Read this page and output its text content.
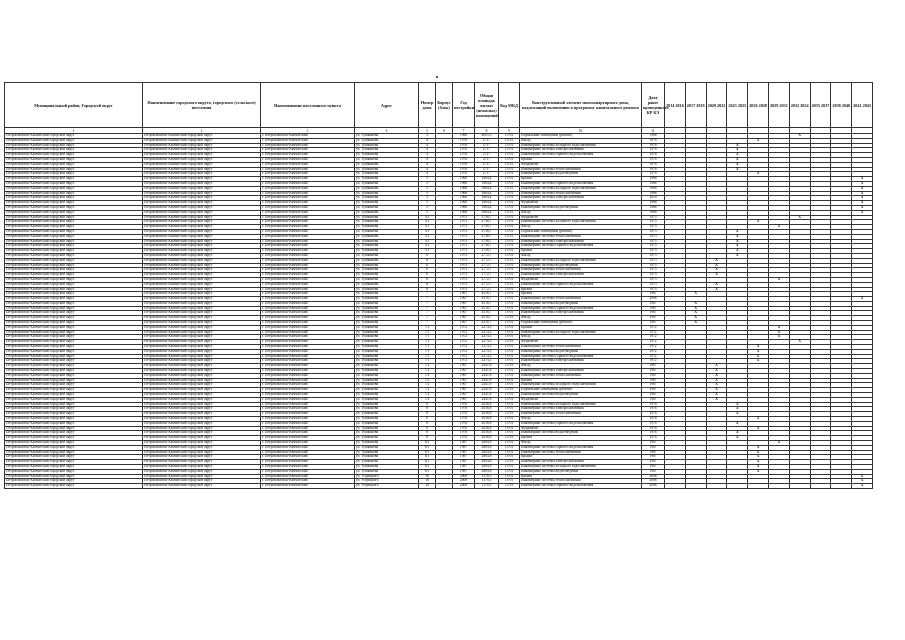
Муниципальный район, Городской округ	Наименование городского округа, городского (сельского) поселения	Наименование населенного пункта	Адрес	Номер дома	Корпус (блок)	Год постройки	Общая площадь жилых (нежилых) помещений	Код МКД	Конструктивный элемент многоквартирного дома, подлежащий включению в программу капитального ремонта	Дата ранее проведенного КР КЭ	2014 2016	2017 2019	2020 2022	2023 2025	2026 2028	2029 2031	2032 2034	2035 2037	2038 2040	2041 2043
1	2	3	4	5	6	7	8	9	10	11										
Петропавловск-Камчатский городской округ	Петропавловск-Камчатский городской округ	г. Петропавловск-Камчатский	ул. Тушканова	3		1966	4005,3	13-01	Подвальные помещения (ремонт)	1966							X			
Петропавловск-Камчатский городской округ	Петропавловск-Камчатский городской округ	г. Петропавловск-Камчатский	ул. Тушканова	4		1976	2717	13-01	Фасад	1976					X					
Петропавловск-Камчатский городской округ	Петропавловск-Камчатский городской округ	г. Петропавловск-Камчатский	ул. Тушканова	4		1976	2717	13-01	Инженерные системы холодного водоснабжения	1976				X						
Петропавловск-Камчатский городской округ	Петропавловск-Камчатский городской округ	г. Петропавловск-Камчатский	ул. Тушканова	4		1976	2717	13-01	Инженерные системы электроснабжения	1976				X						
Петропавловск-Камчатский городской округ	Петропавловск-Камчатский городской округ	г. Петропавловск-Камчатский	ул. Тушканова	4		1976	2717	13-01	Инженерные системы горячего водоснабжения	1976				X						
Петропавловск-Камчатский городской округ	Петропавловск-Камчатский городской округ	г. Петропавловск-Камчатский	ул. Тушканова	4		1976	2717	13-01	Крыша	1976				X						
Петропавловск-Камчатский городской округ	Петропавловск-Камчатский городской округ	г. Петропавловск-Камчатский	ул. Тушканова	4		1976	2717	13-01	Фундамент	1976				X						
Петропавловск-Камчатский городской округ	Петропавловск-Камчатский городской округ	г. Петропавловск-Камчатский	ул. Тушканова	4		1976	2717	13-01	Инженерные системы теплоснабжения	1976				X						
Петропавловск-Камчатский городской округ	Петропавловск-Камчатский городской округ	г. Петропавловск-Камчатский	ул. Тушканова	4		1976	2717	13-01	Инженерные системы водоотведения	1976					X					
Петропавловск-Камчатский городской округ	Петропавловск-Камчатский городской округ	г. Петропавловск-Камчатский	ул. Тушканова	5		1966	1664,4	13-01	Крыша	1966										X
Петропавловск-Камчатский городской округ	Петропавловск-Камчатский городской округ	г. Петропавловск-Камчатский	ул. Тушканова	5		1966	1664,4	13-01	Инженерные системы горячего водоснабжения	1966										X
Петропавловск-Камчатский городской округ	Петропавловск-Камчатский городской округ	г. Петропавловск-Камчатский	ул. Тушканова	5		1966	1664,4	13-01	Инженерные системы холодного водоснабжения	1966										X
Петропавловск-Камчатский городской округ	Петропавловск-Камчатский городской округ	г. Петропавловск-Камчатский	ул. Тушканова	5		1966	1664,4	13-01	Инженерные системы теплоснабжения	1966										X
Петропавловск-Камчатский городской округ	Петропавловск-Камчатский городской округ	г. Петропавловск-Камчатский	ул. Тушканова	5		1966	1664,4	13-01	Инженерные системы электроснабжения	2010										X
Петропавловск-Камчатский городской округ	Петропавловск-Камчатский городской округ	г. Петропавловск-Камчатский	ул. Тушканова	5		1966	1664,4	13-01	Фундамент	1966										X
Петропавловск-Камчатский городской округ	Петропавловск-Камчатский городской округ	г. Петропавловск-Камчатский	ул. Тушканова	5		1966	1664,4	13-01	Инженерные системы водоотведения	1966										X
Петропавловск-Камчатский городской округ	Петропавловск-Камчатский городской округ	г. Петропавловск-Камчатский	ул. Тушканова	5		1966	1664,4	13-01	Фасад	1966										X
Петропавловск-Камчатский городской округ	Петропавловск-Камчатский городской округ	г. Петропавловск-Камчатский	ул. Тушканова	5/1		1973	2736,7	13-01	Фундамент	1973							X			
Петропавловск-Камчатский городской округ	Петропавловск-Камчатский городской округ	г. Петропавловск-Камчатский	ул. Тушканова	5/1		1973	2736,7	13-01	Инженерные системы холодного водоснабжения	1973					X					
Петропавловск-Камчатский городской округ	Петропавловск-Камчатский городской округ	г. Петропавловск-Камчатский	ул. Тушканова	5/1		1973	2736,7	13-01	Фасад	1973						X				
Петропавловск-Камчатский городской округ	Петропавловск-Камчатский городской округ	г. Петропавловск-Камчатский	ул. Тушканова	5/1		1973	2736,7	13-01	Подвальные помещения (ремонт)	1973				X						
Петропавловск-Камчатский городской округ	Петропавловск-Камчатский городской округ	г. Петропавловск-Камчатский	ул. Тушканова	5/1		1973	2736,7	13-01	Инженерные системы теплоснабжения	1973				X						
Петропавловск-Камчатский городской округ	Петропавловск-Камчатский городской округ	г. Петропавловск-Камчатский	ул. Тушканова	5/1		1973	2736,7	13-01	Инженерные системы электроснабжения	1973				X						
Петропавловск-Камчатский городской округ	Петропавловск-Камчатский городской округ	г. Петропавловск-Камчатский	ул. Тушканова	5/1		1973	2736,7	13-01	Инженерные системы горячего водоснабжения	1973				X						
Петропавловск-Камчатский городской округ	Петропавловск-Камчатский городской округ	г. Петропавловск-Камчатский	ул. Тушканова	5/1		1973	2736,7	13-01	Крыша	1973				X						
Петропавловск-Камчатский городской округ	Петропавловск-Камчатский городской округ	г. Петропавловск-Камчатский	ул. Тушканова	6		1973	2772,7	13-01	Фасад	1973				X						
Петропавловск-Камчатский городской округ	Петропавловск-Камчатский городской округ	г. Петропавловск-Камчатский	ул. Тушканова	6		1973	2772,7	13-01	Инженерные системы холодного водоснабжения	1973			X							
Петропавловск-Камчатский городской округ	Петропавловск-Камчатский городской округ	г. Петропавловск-Камчатский	ул. Тушканова	6		1973	2772,7	13-01	Инженерные системы водоотведения	1973			X							
Петропавловск-Камчатский городской округ	Петропавловск-Камчатский городской округ	г. Петропавловск-Камчатский	ул. Тушканова	6		1973	2772,7	13-01	Инженерные системы теплоснабжения	1973			X							
Петропавловск-Камчатский городской округ	Петропавловск-Камчатский городской округ	г. Петропавловск-Камчатский	ул. Тушканова	6		1973	2772,7	13-01	Инженерные системы электроснабжения	1973			X							
Петропавловск-Камчатский городской округ	Петропавловск-Камчатский городской округ	г. Петропавловск-Камчатский	ул. Тушканова	6		1973	2772,7	13-01	Фундамент	1973						X				
Петропавловск-Камчатский городской округ	Петропавловск-Камчатский городской округ	г. Петропавловск-Камчатский	ул. Тушканова	6		1973	2772,7	13-01	Инженерные системы горячего водоснабжения	1973			X							
Петропавловск-Камчатский городской округ	Петропавловск-Камчатский городской округ	г. Петропавловск-Камчатский	ул. Тушканова	6		1973	2772,7	13-01	Крыша	1973			X							
Петропавловск-Камчатский городской округ	Петропавловск-Камчатский городской округ	г. Петропавловск-Камчатский	ул. Тушканова	7		1967	4516,7	13-01	Крыша	1967		X								
Петропавловск-Камчатский городской округ	Петропавловск-Камчатский городской округ	г. Петропавловск-Камчатский	ул. Тушканова	7		1967	4516,7	13-01	Инженерные системы теплоснабжения	2008										X
Петропавловск-Камчатский городской округ	Петропавловск-Камчатский городской округ	г. Петропавловск-Камчатский	ул. Тушканова	7		1967	4516,7	13-01	Инженерные системы водоотведения	1967		X								
Петропавловск-Камчатский городской округ	Петропавловск-Камчатский городской округ	г. Петропавловск-Камчатский	ул. Тушканова	7		1967	4516,7	13-01	Инженерные системы горячего водоснабжения	1967		X								
Петропавловск-Камчатский городской округ	Петропавловск-Камчатский городской округ	г. Петропавловск-Камчатский	ул. Тушканова	7		1967	4516,7	13-01	Инженерные системы электроснабжения	1967		X								
Петропавловск-Камчатский городской округ	Петропавловск-Камчатский городской округ	г. Петропавловск-Камчатский	ул. Тушканова	7		1967	4516,7	13-01	Фасад	1967		X								
Петропавловск-Камчатский городской округ	Петропавловск-Камчатский городской округ	г. Петропавловск-Камчатский	ул. Тушканова	7		1967	4516,7	13-01	Подвальные помещения (ремонт)	1967		X								
Петропавловск-Камчатский городской округ	Петропавловск-Камчатский городской округ	г. Петропавловск-Камчатский	ул. Тушканова	7/1		1972	2274,3	13-01	Крыша	1972						X				
Петропавловск-Камчатский городской округ	Петропавловск-Камчатский городской округ	г. Петропавловск-Камчатский	ул. Тушканова	7/1		1972	2274,3	13-01	Инженерные системы холодного водоснабжения	1972						X				
Петропавловск-Камчатский городской округ	Петропавловск-Камчатский городской округ	г. Петропавловск-Камчатский	ул. Тушканова	7/1		1972	2274,3	13-01	Фасад	1972						X				
Петропавловск-Камчатский городской округ	Петропавловск-Камчатский городской округ	г. Петропавловск-Камчатский	ул. Тушканова	7/1		1972	2274,3	13-01	Фундамент	1972							X			
Петропавловск-Камчатский городской округ	Петропавловск-Камчатский городской округ	г. Петропавловск-Камчатский	ул. Тушканова	7/1		1972	2274,3	13-01	Инженерные системы теплоснабжения	1972					X					
Петропавловск-Камчатский городской округ	Петропавловск-Камчатский городской округ	г. Петропавловск-Камчатский	ул. Тушканова	7/1		1972	2274,3	13-01	Инженерные системы водоотведения	1972					X					
Петропавловск-Камчатский городской округ	Петропавловск-Камчатский городской округ	г. Петропавловск-Камчатский	ул. Тушканова	7/1		1972	2274,3	13-01	Инженерные системы горячего водоснабжения	1972					X					
Петропавловск-Камчатский городской округ	Петропавловск-Камчатский городской округ	г. Петропавловск-Камчатский	ул. Тушканова	7/1		1972	2274,3	13-01	Инженерные системы электроснабжения	1972					X					
Петропавловск-Камчатский городской округ	Петропавловск-Камчатский городской округ	г. Петропавловск-Камчатский	ул. Тушканова	7/2		1967	2441,8	13-01	Фасад	1967			X							
Петропавловск-Камчатский городской округ	Петропавловск-Камчатский городской округ	г. Петропавловск-Камчатский	ул. Тушканова	7/2		1967	2441,8	13-01	Инженерные системы электроснабжения	1967			X							
Петропавловск-Камчатский городской округ	Петропавловск-Камчатский городской округ	г. Петропавловск-Камчатский	ул. Тушканова	7/2		1967	2441,8	13-01	Инженерные системы теплоснабжения	1967			X							
Петропавловск-Камчатский городской округ	Петропавловск-Камчатский городской округ	г. Петропавловск-Камчатский	ул. Тушканова	7/2		1967	2441,8	13-01	Крыша	1967			X							
Петропавловск-Камчатский городской округ	Петропавловск-Камчатский городской округ	г. Петропавловск-Камчатский	ул. Тушканова	7/2		1967	2441,8	13-01	Инженерные системы холодного водоснабжения	1967			X							
Петропавловск-Камчатский городской округ	Петропавловск-Камчатский городской округ	г. Петропавловск-Камчатский	ул. Тушканова	7/2		1967	2441,8	13-01	Подвальные помещения (ремонт)	1967			X							
Петропавловск-Камчатский городской округ	Петропавловск-Камчатский городской округ	г. Петропавловск-Камчатский	ул. Тушканова	7/2		1967	2441,8	13-01	Инженерные системы водоотведения	1967			X							
Петропавловск-Камчатский городской округ	Петропавловск-Камчатский городской округ	г. Петропавловск-Камчатский	ул. Тушканова	7/2		1967	2441,8	13-01	Фундамент	1967			X							
Петропавловск-Камчатский городской округ	Петропавловск-Камчатский городской округ	г. Петропавловск-Камчатский	ул. Тушканова	8		1976	2036,8	13-01	Инженерные системы холодного водоснабжения	1976				X						
Петропавловск-Камчатский городской округ	Петропавловск-Камчатский городской округ	г. Петропавловск-Камчатский	ул. Тушканова	8		1976	2036,8	13-01	Инженерные системы электроснабжения	1976				X						
Петропавловск-Камчатский городской округ	Петропавловск-Камчатский городской округ	г. Петропавловск-Камчатский	ул. Тушканова	8		1976	2036,8	13-01	Инженерные системы теплоснабжения	1976				X						
Петропавловск-Камчатский городской округ	Петропавловск-Камчатский городской округ	г. Петропавловск-Камчатский	ул. Тушканова	8		1976	2036,8	13-01	Фасад	1976					X					
Петропавловск-Камчатский городской округ	Петропавловск-Камчатский городской округ	г. Петропавловск-Камчатский	ул. Тушканова	8		1976	2036,8	13-01	Инженерные системы горячего водоснабжения	1976				X						
Петропавловск-Камчатский городской округ	Петропавловск-Камчатский городской округ	г. Петропавловск-Камчатский	ул. Тушканова	8		1976	2036,8	13-01	Фундамент	1976					X					
Петропавловск-Камчатский городской округ	Петропавловск-Камчатский городской округ	г. Петропавловск-Камчатский	ул. Тушканова	8		1976	2036,8	13-01	Инженерные системы водоотведения	1976				X						
Петропавловск-Камчатский городской округ	Петропавловск-Камчатский городской округ	г. Петропавловск-Камчатский	ул. Тушканова	8		1976	2036,8	13-01	Крыша	1976				X						
Петропавловск-Камчатский городской округ	Петропавловск-Камчатский городской округ	г. Петропавловск-Камчатский	ул. Тушканова	8/1		1987	2804,8	13-01	Фасад	1987						X				
Петропавловск-Камчатский городской округ	Петропавловск-Камчатский городской округ	г. Петропавловск-Камчатский	ул. Тушканова	8/1		1987	2804,8	13-01	Инженерные системы горячего водоснабжения	1987					X					
Петропавловск-Камчатский городской округ	Петропавловск-Камчатский городской округ	г. Петропавловск-Камчатский	ул. Тушканова	8/1		1987	2804,8	13-01	Инженерные системы теплоснабжения	1987					X					
Петропавловск-Камчатский городской округ	Петропавловск-Камчатский городской округ	г. Петропавловск-Камчатский	ул. Тушканова	8/1		1987	2804,8	13-01	Крыша	1987					X					
Петропавловск-Камчатский городской округ	Петропавловск-Камчатский городской округ	г. Петропавловск-Камчатский	ул. Тушканова	8/1		1987	2804,8	13-01	Инженерные системы электроснабжения	1987					X					
Петропавловск-Камчатский городской округ	Петропавловск-Камчатский городской округ	г. Петропавловск-Камчатский	ул. Тушканова	8/1		1987	2804,8	13-01	Инженерные системы холодного водоснабжения	1987					X					
Петропавловск-Камчатский городской округ	Петропавловск-Камчатский городской округ	г. Петропавловск-Камчатский	ул. Тушканова	8/1		1987	2804,8	13-01	Инженерные системы водоотведения	1987					X					
Петропавловск-Камчатский городской округ	Петропавловск-Камчатский городской округ	г. Петропавловск-Камчатский	ул. Устрицкого	16		2008	1378,5	13-01	Крыша	2008										X
Петропавловск-Камчатский городской округ	Петропавловск-Камчатский городской округ	г. Петропавловск-Камчатский	ул. Устрицкого	16		2008	1378,5	13-01	Инженерные системы теплоснабжения	2008										X
Петропавловск-Камчатский городской округ	Петропавловск-Камчатский городской округ	г. Петропавловск-Камчатский	ул. Устрицкого	16		2008	1378,5	13-01	Инженерные системы горячего водоснабжения	2008										X
